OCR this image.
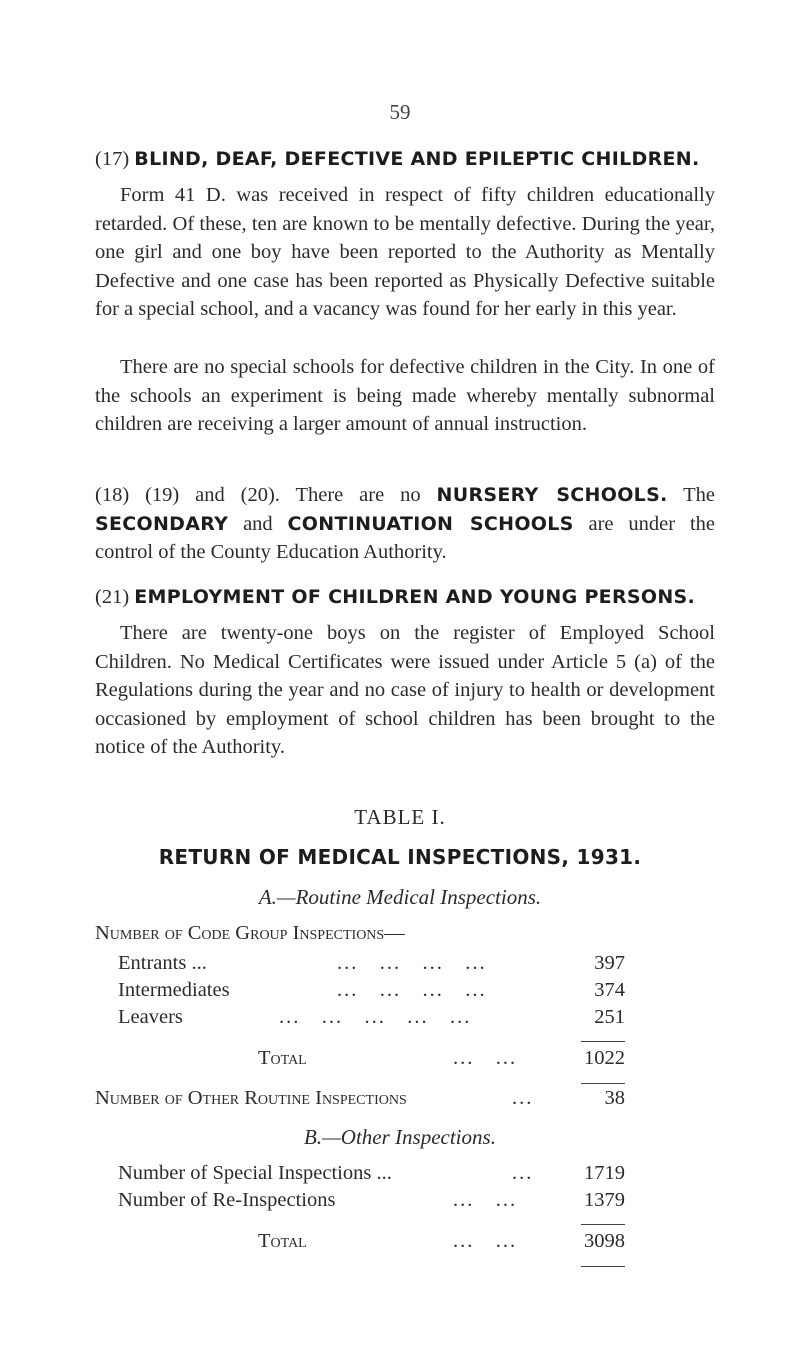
59
(17) BLIND, DEAF, DEFECTIVE AND EPILEPTIC CHILDREN.
Form 41 D. was received in respect of fifty children educationally retarded. Of these, ten are known to be mentally defective. During the year, one girl and one boy have been reported to the Authority as Mentally Defective and one case has been reported as Physically Defective suitable for a special school, and a vacancy was found for her early in this year.
There are no special schools for defective children in the City. In one of the schools an experiment is being made whereby mentally subnormal children are receiving a larger amount of annual instruction.
(18) (19) and (20). There are no NURSERY SCHOOLS. The SECONDARY and CONTINUATION SCHOOLS are under the control of the County Education Authority.
(21) EMPLOYMENT OF CHILDREN AND YOUNG PERSONS.
There are twenty-one boys on the register of Employed School Children. No Medical Certificates were issued under Article 5 (a) of the Regulations during the year and no case of injury to health or development occasioned by employment of school children has been brought to the notice of the Authority.
TABLE I.
RETURN OF MEDICAL INSPECTIONS, 1931.
A.—Routine Medical Inspections.
Number of Code Group Inspections—
Entrants ...	...   ...   ...   ...	397
Intermediates	...   ...   ...   ...	374
Leavers	...   ...   ...   ...   ...	251
Total	...   ...	1022
Number of Other Routine Inspections	...	38
B.—Other Inspections.
Number of Special Inspections ...	...	1719
Number of Re-Inspections	...   ...	1379
Total	...   ...	3098
